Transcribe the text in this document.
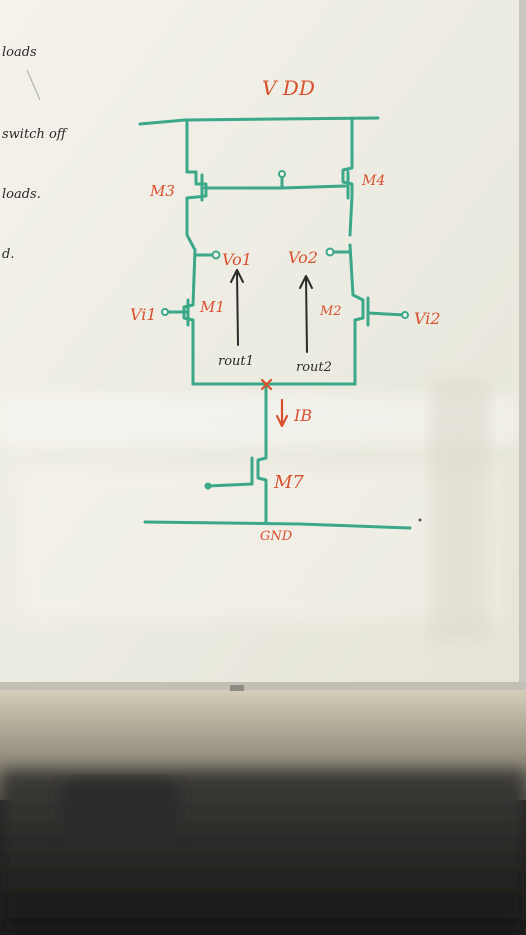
loads
switch off
loads.
d.
V DD
M3
M4
Vo1 Vo2
Vi1	M1	M2	Vi2
rout1	rout2
IB
M7
GND
